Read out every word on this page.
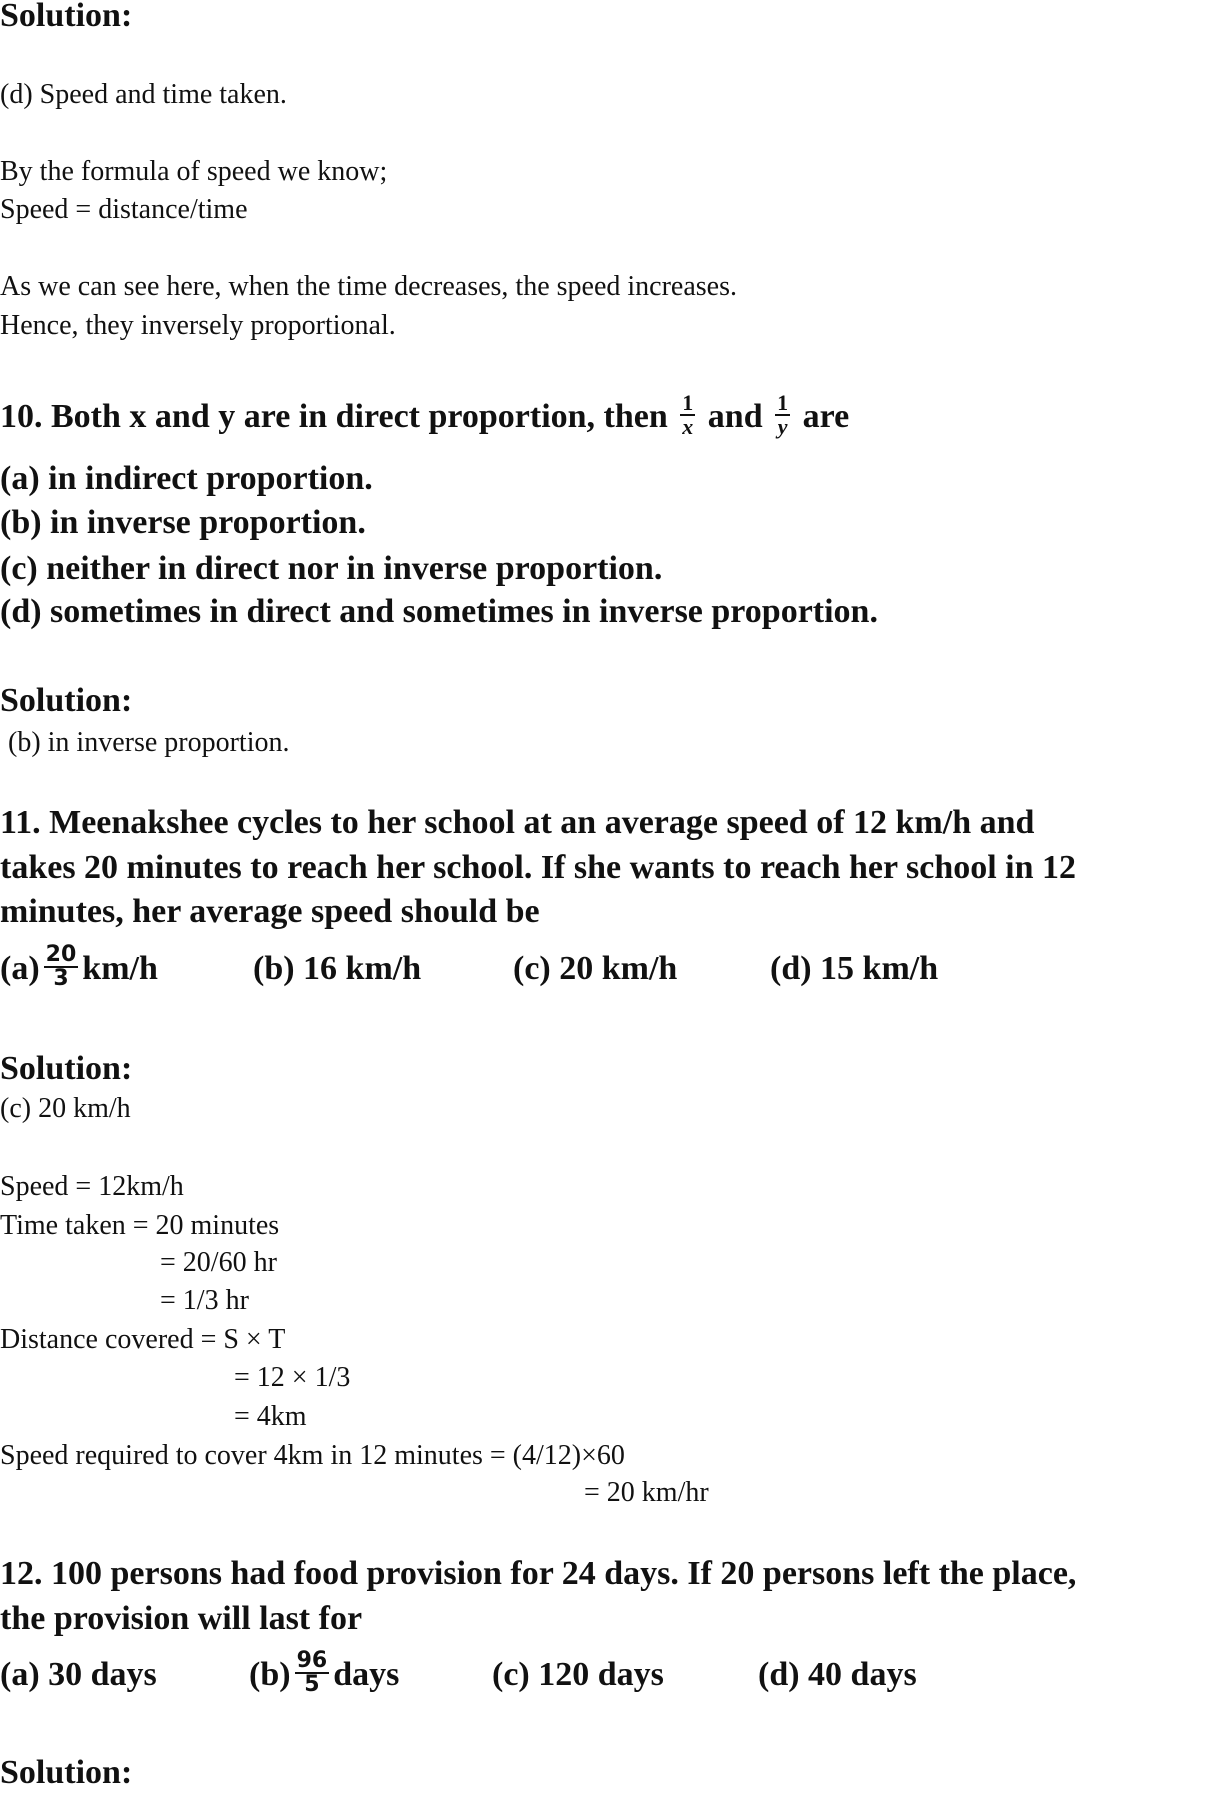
Solution:
(d) Speed and time taken.
By the formula of speed we know;
Speed = distance/time
As we can see here, when the time decreases, the speed increases.
Hence, they inversely proportional.
10. Both x and y are in direct proportion, then $\frac{1}{x}$ and $\frac{1}{y}$ are
(a) in indirect proportion.
(b) in inverse proportion.
(c) neither in direct nor in inverse proportion.
(d) sometimes in direct and sometimes in inverse proportion.
Solution:
(b) in inverse proportion.
11. Meenakshee cycles to her school at an average speed of 12 km/h and
takes 20 minutes to reach her school. If she wants to reach her school in 12
minutes, her average speed should be
$(a) \frac{20}{3} km/h$	(b) 16 km/h	(c) 20 km/h	(d) 15 km/h
Solution:
(c) 20 km/h
Speed = 12km/h
Time taken = 20 minutes
= 20/60 hr
= 1/3 hr
Distance covered = S × T
= 12 × 1/3
= 4km
Speed required to cover 4km in 12 minutes = (4/12)×60
= 20 km/hr
12. 100 persons had food provision for 24 days. If 20 persons left the place,
the provision will last for
(a) 30 days	$(b) \frac{96}{5}$ days	(c) 120 days	(d) 40 days
Solution:
